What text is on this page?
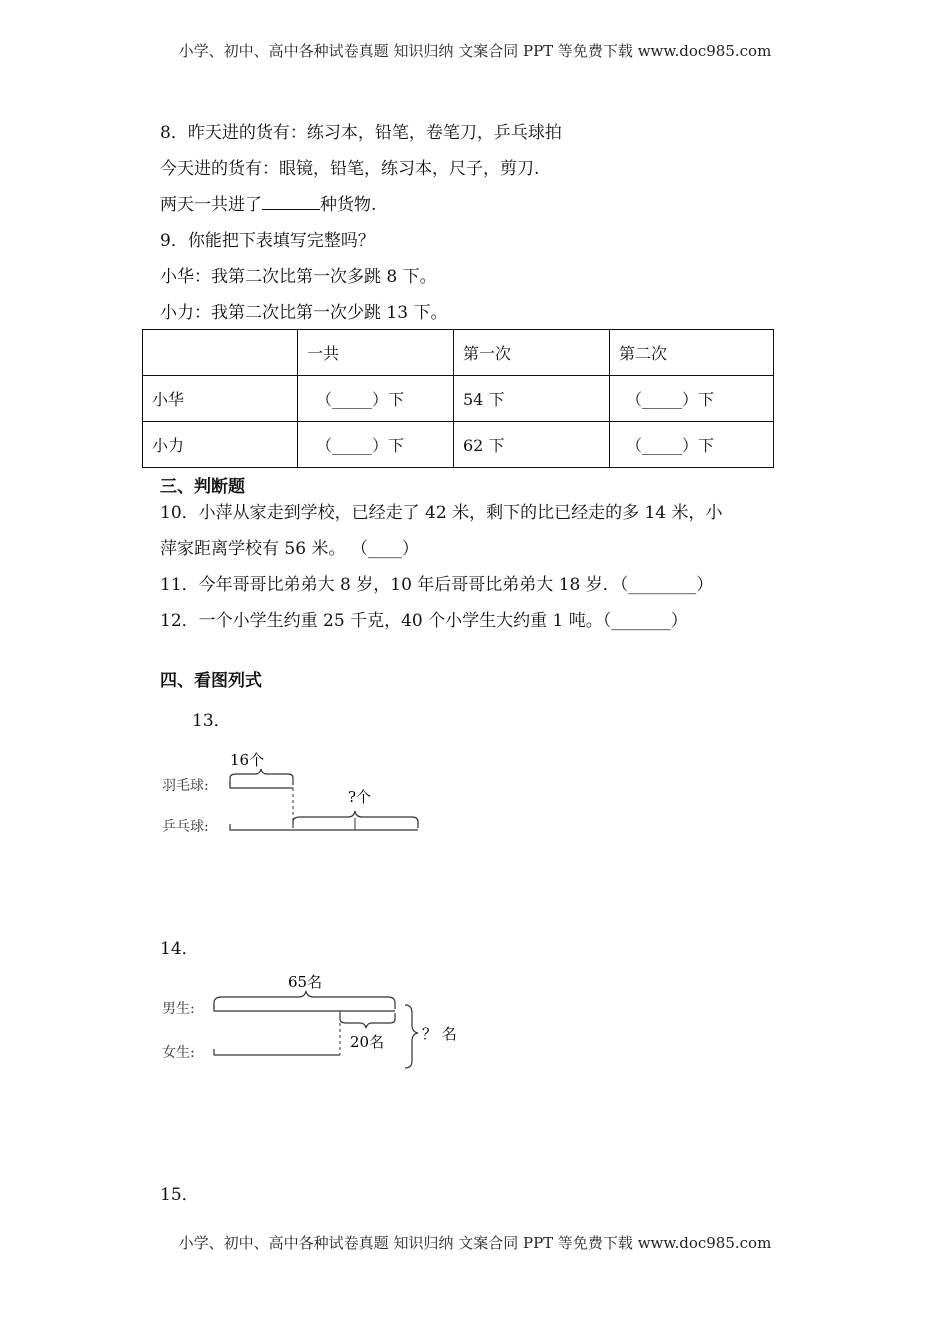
小学、初中、高中各种试卷真题 知识归纳 文案合同 PPT 等免费下载 www.doc985.com
8．昨天进的货有：练习本，铅笔，卷笔刀，乒乓球拍
今天进的货有：眼镜，铅笔，练习本，尺子，剪刀.
两天一共进了	种货物.
9．你能把下表填写完整吗？
小华：我第二次比第一次多跳 8 下。
小力：我第二次比第一次少跳 13 下。
	一共	第一次	第二次
小华	（_____）下	54 下	（_____）下
小力	（_____）下	62 下	（_____）下
三、判断题
10．小萍从家走到学校，已经走了 42 米，剩下的比已经走的多 14 米，小
萍家距离学校有 56 米。 （____）
11．今年哥哥比弟弟大 8 岁，10 年后哥哥比弟弟大 18 岁．（________）
12．一个小学生约重 25 千克，40 个小学生大约重 1 吨。（_______）
四、看图列式
13．
16个
?个
羽毛球:
乒乓球:
14．
65名
20名	？ 名
男生:
女生:
15．
小学、初中、高中各种试卷真题 知识归纳 文案合同 PPT 等免费下载 www.doc985.com
